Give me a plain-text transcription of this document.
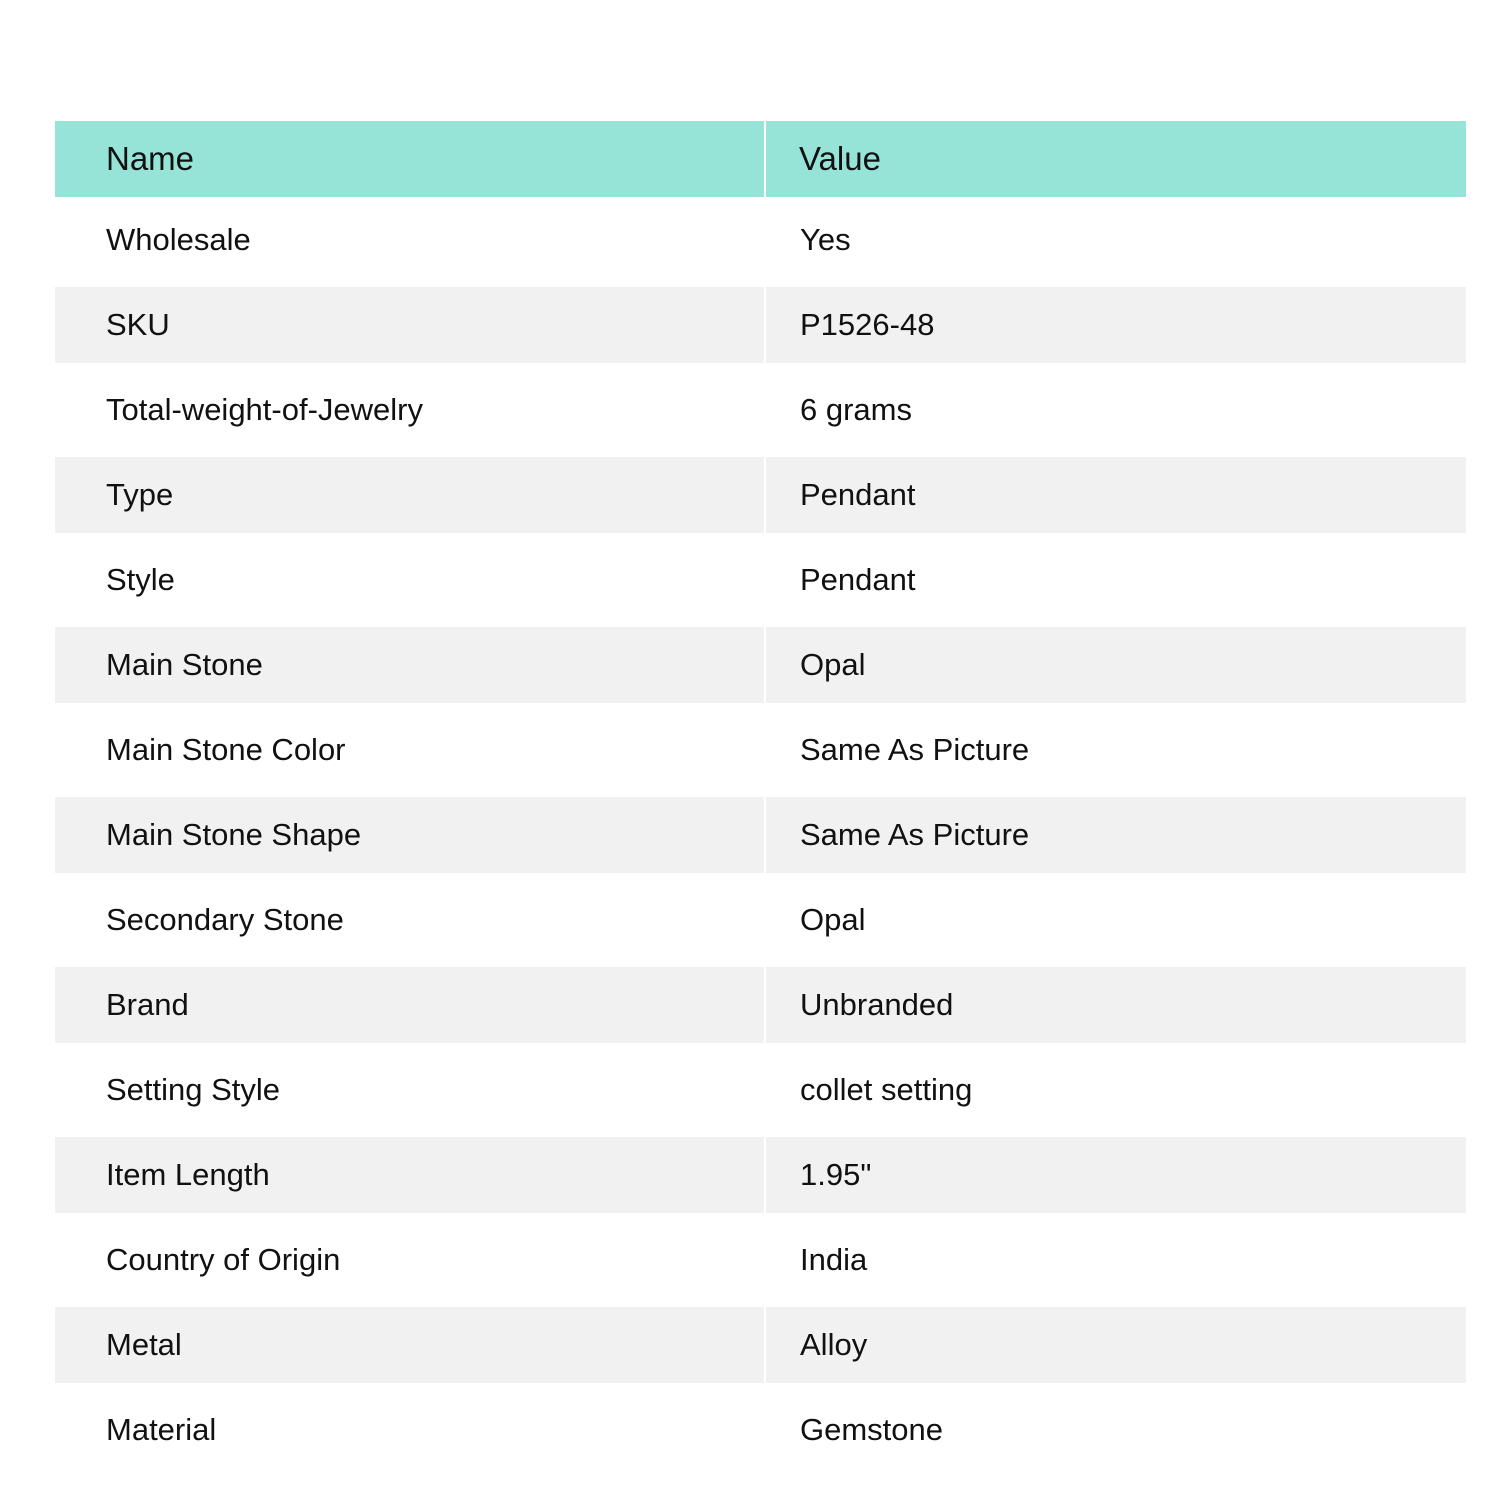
Name	Value
Wholesale	Yes
SKU	P1526-48
Total-weight-of-Jewelry	6 grams
Type	Pendant
Style	Pendant
Main Stone	Opal
Main Stone Color	Same As Picture
Main Stone Shape	Same As Picture
Secondary Stone	Opal
Brand	Unbranded
Setting Style	collet setting
Item Length	1.95"
Country of Origin	India
Metal	Alloy
Material	Gemstone
